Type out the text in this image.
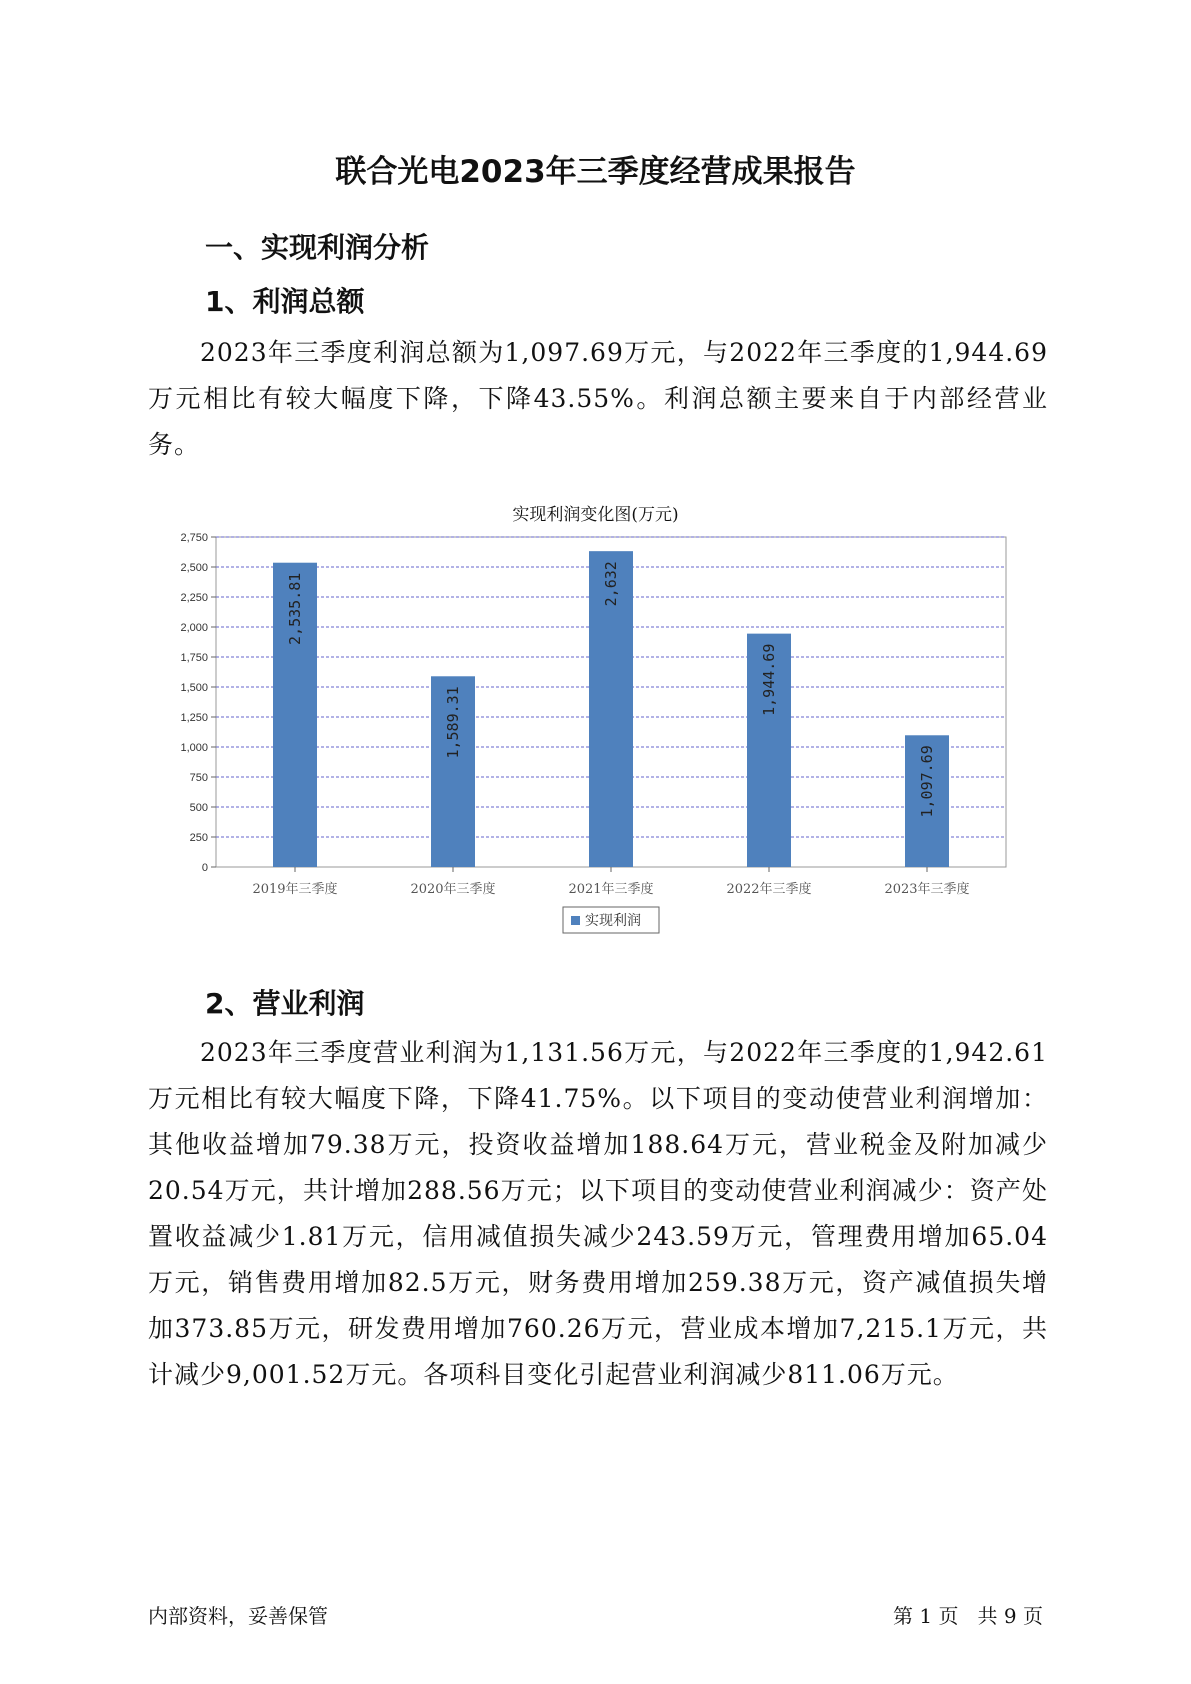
联合光电2023年三季度经营成果报告
一、实现利润分析
1、利润总额
2023年三季度利润总额为1,097.69万元，与2022年三季度的1,944.69万元相比有较大幅度下降，下降43.55%。利润总额主要来自于内部经营业务。
实现利润变化图(万元)
0
250
500
750
1,000
1,250
1,500
1,750
2,000
2,250
2,500
2,750
2,535.81
2019年三季度
1,589.31
2020年三季度
2,632
2021年三季度
1,944.69
2022年三季度
1,097.69
2023年三季度
实现利润
2、营业利润
2023年三季度营业利润为1,131.56万元，与2022年三季度的1,942.61万元相比有较大幅度下降，下降41.75%。以下项目的变动使营业利润增加：其他收益增加79.38万元，投资收益增加188.64万元，营业税金及附加减少20.54万元，共计增加288.56万元；以下项目的变动使营业利润减少：资产处置收益减少1.81万元，信用减值损失减少243.59万元，管理费用增加65.04万元，销售费用增加82.5万元，财务费用增加259.38万元，资产减值损失增加373.85万元，研发费用增加760.26万元，营业成本增加7,215.1万元，共计减少9,001.52万元。各项科目变化引起营业利润减少811.06万元。
内部资料，妥善保管	第 1 页   共 9 页
